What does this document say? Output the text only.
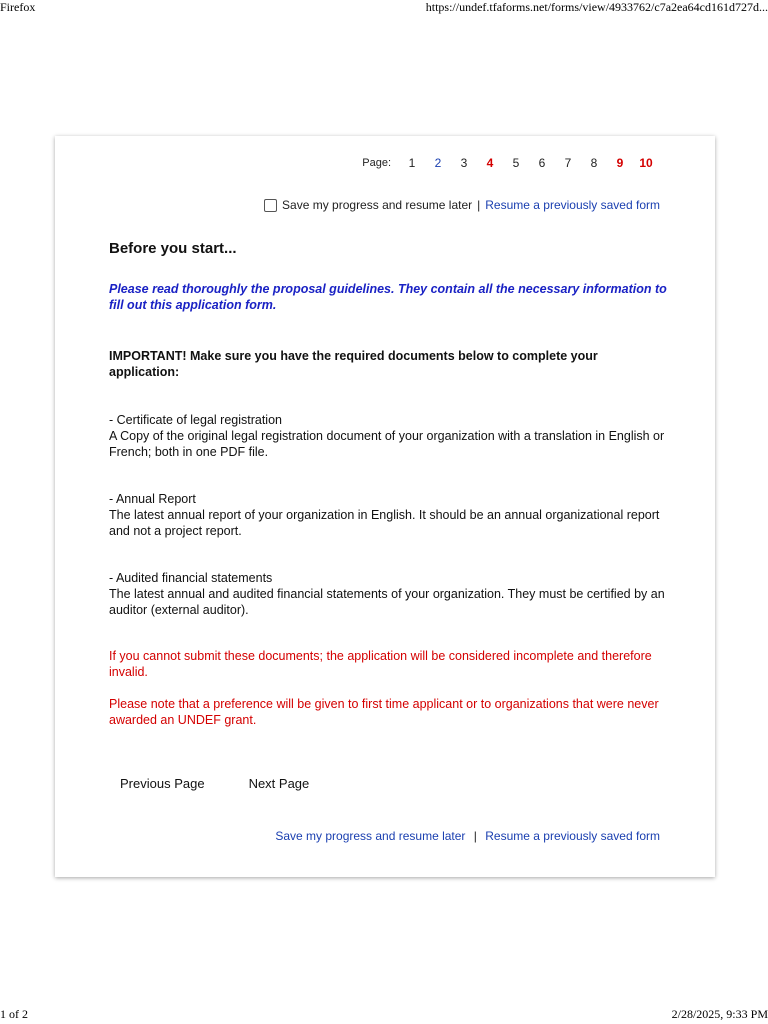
Firefox	https://undef.tfaforms.net/forms/view/4933762/c7a2ea64cd161d727d...
Page:	1	2	3	4	5	6	7	8	9	10
Save my progress and resume later | Resume a previously saved form
Before you start...
Please read thoroughly the proposal guidelines. They contain all the necessary information to fill out this application form.
IMPORTANT! Make sure you have the required documents below to complete your application:
- Certificate of legal registration
A Copy of the original legal registration document of your organization with a translation in English or French; both in one PDF file.
- Annual Report
The latest annual report of your organization in English. It should be an annual organizational report and not a project report.
- Audited financial statements
The latest annual and audited financial statements of your organization. They must be certified by an auditor (external auditor).
If you cannot submit these documents; the application will be considered incomplete and therefore invalid.
Please note that a preference will be given to first time applicant or to organizations that were never awarded an UNDEF grant.
Previous Page	Next Page
Save my progress and resume later | Resume a previously saved form
1 of 2	2/28/2025, 9:33 PM
